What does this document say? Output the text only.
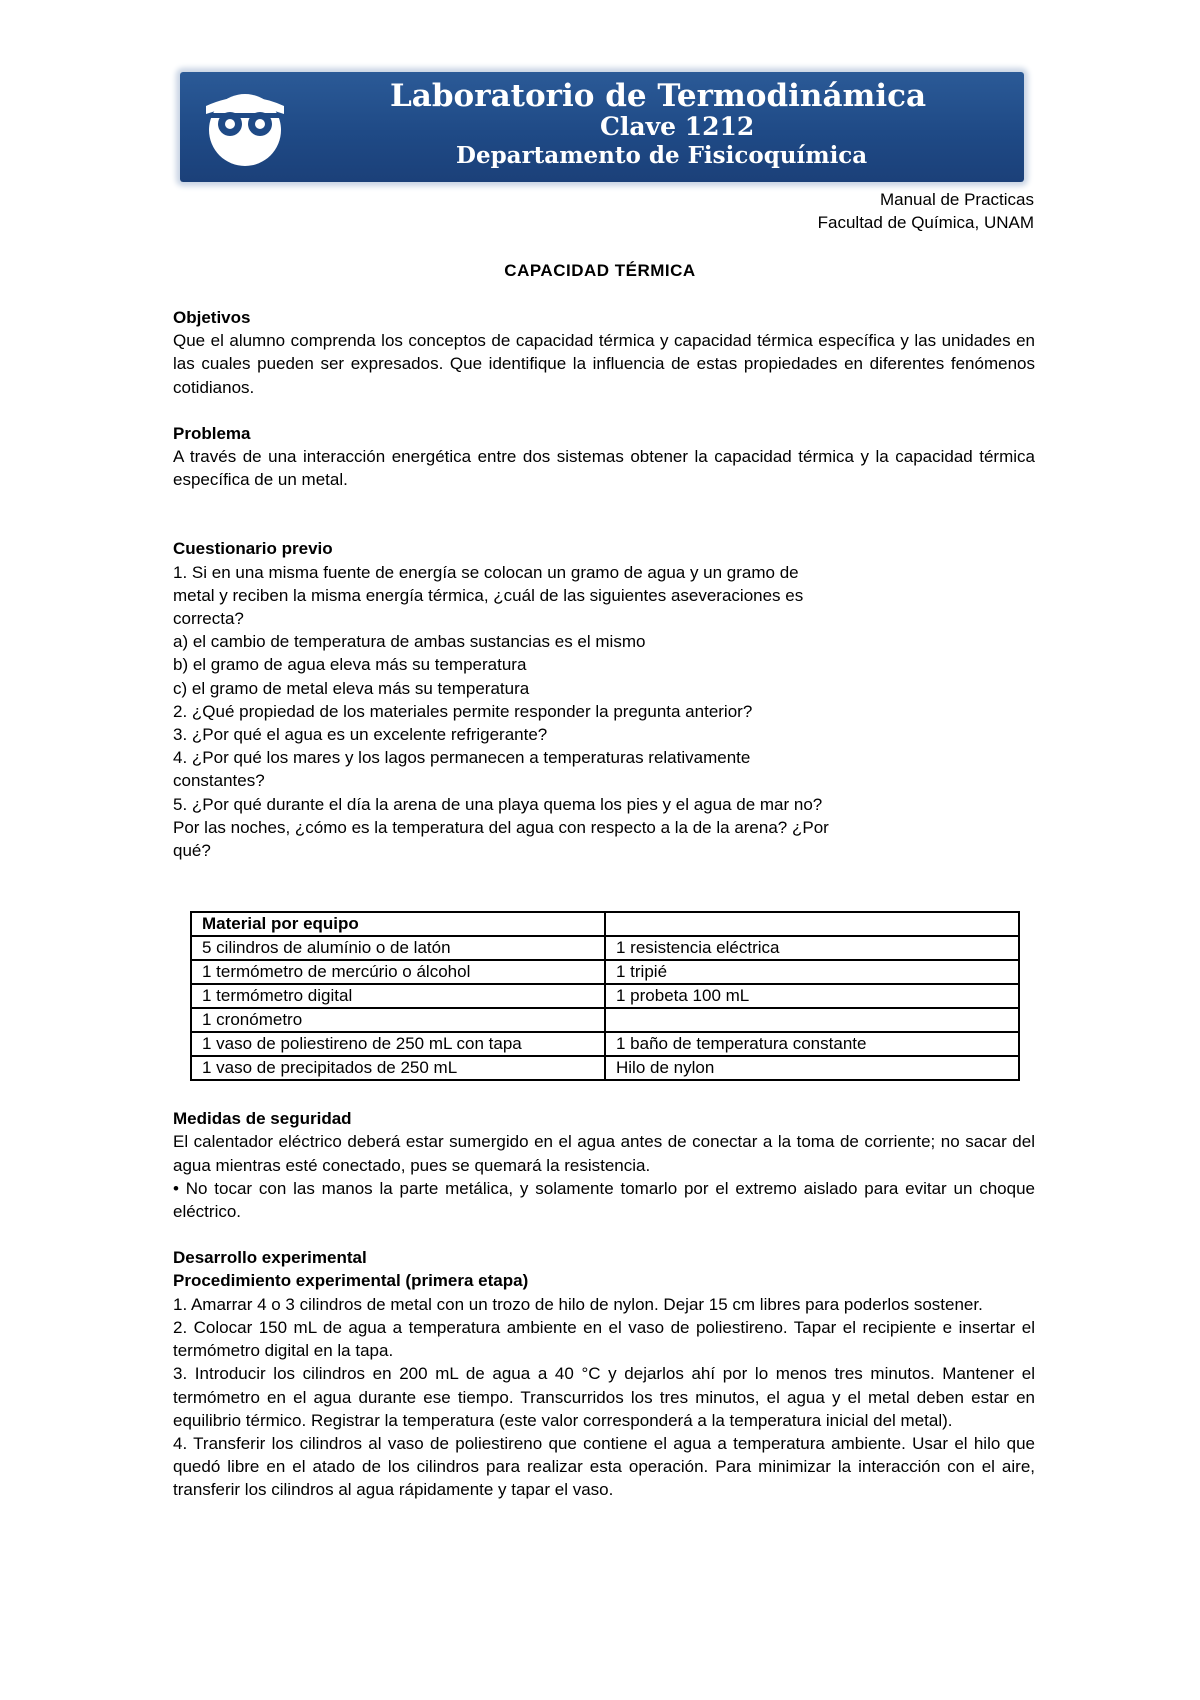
Laboratorio de Termodinámica
Clave 1212
Departamento de Fisicoquímica
Manual de Practicas
Facultad de Química, UNAM
CAPACIDAD TÉRMICA
Objetivos

Que el alumno comprenda los conceptos de capacidad térmica y capacidad térmica específica y las unidades en las cuales pueden ser expresados. Que identifique la influencia de estas propiedades en diferentes fenómenos cotidianos.

Problema

A través de una interacción energética entre dos sistemas obtener la capacidad térmica y la capacidad térmica específica de un metal.

Cuestionario previo

1. Si en una misma fuente de energía se colocan un gramo de agua y un gramo de

metal y reciben la misma energía térmica, ¿cuál de las siguientes aseveraciones es

correcta?

a) el cambio de temperatura de ambas sustancias es el mismo

b) el gramo de agua eleva más su temperatura

c) el gramo de metal eleva más su temperatura

2. ¿Qué propiedad de los materiales permite responder la pregunta anterior?

3. ¿Por qué el agua es un excelente refrigerante?

4. ¿Por qué los mares y los lagos permanecen a temperaturas relativamente

constantes?

5. ¿Por qué durante el día la arena de una playa quema los pies y el agua de mar no?

Por las noches, ¿cómo es la temperatura del agua con respecto a la de la arena? ¿Por

qué?

Material por equipo	
5 cilindros de alumínio o de latón	1 resistencia eléctrica
1 termómetro de mercúrio o álcohol	1 tripié
1 termómetro digital	1 probeta 100 mL
1 cronómetro	
1 vaso de poliestireno de 250 mL con tapa	1 baño de temperatura constante
1 vaso de precipitados de 250 mL	Hilo de nylon
Medidas de seguridad

El calentador eléctrico deberá estar sumergido en el agua antes de conectar a la toma de corriente; no sacar del agua mientras esté conectado, pues se quemará la resistencia.

• No tocar con las manos la parte metálica, y solamente tomarlo por el extremo aislado para evitar un choque eléctrico.

Desarrollo experimental
Procedimiento experimental (primera etapa)

1. Amarrar 4 o 3 cilindros de metal con un trozo de hilo de nylon. Dejar 15 cm libres para poderlos sostener.

2. Colocar 150 mL de agua a temperatura ambiente en el vaso de poliestireno. Tapar el recipiente e insertar el termómetro digital en la tapa.

3. Introducir los cilindros en 200 mL de agua a 40 °C y dejarlos ahí por lo menos tres minutos. Mantener el termómetro en el agua durante ese tiempo. Transcurridos los tres minutos, el agua y el metal deben estar en equilibrio térmico. Registrar la temperatura (este valor corresponderá a la temperatura inicial del metal).

4. Transferir los cilindros al vaso de poliestireno que contiene el agua a temperatura ambiente. Usar el hilo que quedó libre en el atado de los cilindros para realizar esta operación. Para minimizar la interacción con el aire, transferir los cilindros al agua rápidamente y tapar el vaso.
